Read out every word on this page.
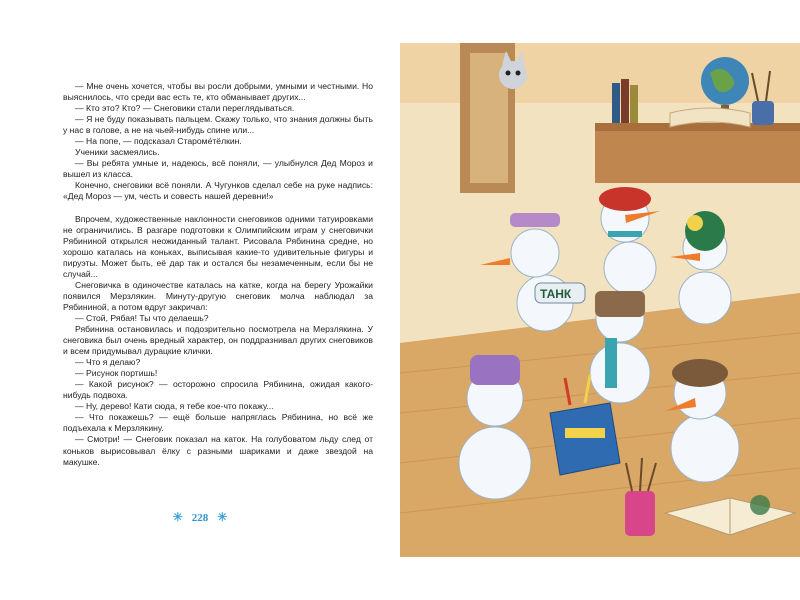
— Мне очень хочется, чтобы вы росли добрыми, умными и честными. Но выяснилось, что среди вас есть те, кто обманывает других...

— Кто это? Кто? — Снеговики стали переглядываться.

— Я не буду показывать пальцем. Скажу только, что знания должны быть у нас в голове, а не на чьей-нибудь спине или...

— На попе, — подсказал Староме́тёлкин.

Ученики засмеялись.

— Вы ребята умные и, надеюсь, всё поняли, — улыбнулся Дед Мороз и вышел из класса.

Конечно, снеговики всё поняли. А Чугунков сделал себе на руке надпись: «Дед Мороз — ум, честь и совесть нашей деревни!»

Впрочем, художественные наклонности снеговиков одними татуировками не ограничились. В разгаре подготовки к Олимпийским играм у снеговички Рябининой открылся неожиданный талант. Рисовала Рябинина средне, но хорошо каталась на коньках, выписывая какие-то удивительные фигуры и пируэты. Может быть, её дар так и остался бы незамеченным, если бы не случай...

Снеговичка в одиночестве каталась на катке, когда на берегу Урожайки появился Мерзлякин. Минуту-другую снеговик молча наблюдал за Рябининой, а потом вдруг закричал:

— Стой, Рябая! Ты что делаешь?

Рябинина остановилась и подозрительно посмотрела на Мерзлякина. У снеговика был очень вредный характер, он поддразнивал других снеговиков и всем придумывал дурацкие клички.

— Что я делаю?

— Рисунок портишь!

— Какой рисунок? — осторожно спросила Рябинина, ожидая какого-нибудь подвоха.

— Ну, дерево! Кати сюда, я тебе кое-что покажу...

— Что покажешь? — ещё больше напряглась Рябинина, но всё же подъехала к Мерзлякину.

— Смотри! — Снеговик показал на каток. На голубоватом льду след от коньков вырисовывал ёлку с разными шариками и даже звездой на макушке.

✳ 228 ✳
ТАНК
